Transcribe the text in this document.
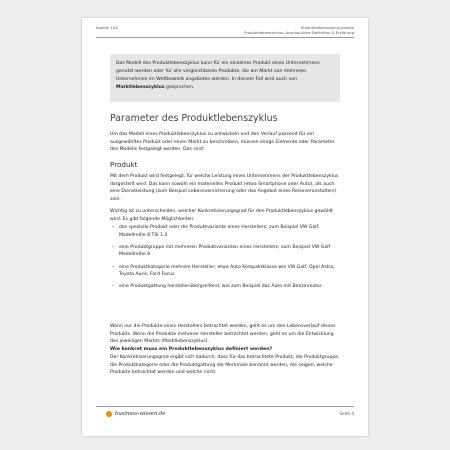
Kapitel 1&2	Produktlebenszyklus planen
Produktlebenszyklus: Anschauliche Definition & Erklärung
Das Modell des Produktlebenszyklus kann für ein einzelnes Produkt eines Unternehmens genutzt werden oder für alle vergleichbaren Produkte, die am Markt von mehreren Unternehmen im Wettbewerb angeboten werden. In diesem Fall wird auch von Marktlebenszyklus gesprochen.
Parameter des Produktlebenszyklus
Um das Modell eines Produktlebenszyklus zu entwickeln und den Verlauf passend für ein ausgewähltes Produkt oder einen Markt zu beschreiben, müssen einige Elemente oder Parameter des Modells festgelegt werden. Das sind:
Produkt
Mit dem Produkt wird festgelegt, für welche Leistung eines Unternehmens der Produktlebenszyklus dargestellt wird. Das kann sowohl ein materielles Produkt (etwa Smartphone oder Auto), als auch eine Dienstleistung (zum Beispiel Lebensversicherung oder das Angebot eines Reiseveranstalters) sein.
Wichtig ist zu unterscheiden, welcher Konkretisierungsgrad für den Produktlebenszyklus gewählt wird. Es gibt folgende Möglichkeiten:
– das spezielle Produkt oder die Produktvariante eines Herstellers; zum Beispiel VW Golf, Modellreihe 8 TSI 1.0
– eine Produktgruppe mit mehreren Produktvarianten eines Herstellers; zum Beispiel VW Golf Modellreihe 8
– eine Produktkategorie mehrere Hersteller; etwa Auto Kompaktklasse wie VW Golf, Opel Astra, Toyota Auris, Ford Focus
– eine Produktgattung herstellerübergreifend, wie zum Beispiel das Auto mit Benzinmotor
Wenn nur die Produkte eines Herstellers betrachtet werden, geht es um den Lebensverlauf dieses Produkts. Wenn die Produkte mehrerer Hersteller betrachtet werden, geht es um die Entwicklung des jeweiligen Markts (Marktlebenszyklus).
Wie konkret muss ein Produktlebenszyklus definiert werden?
Der Konkretisierungsgrad ergibt sich dadurch, dass für das betrachtete Produkt, die Produktgruppe, die Produktkategorie oder die Produktgattung die Merkmale benannt werden, die zeigen, welche Produkte betrachtet werden und welche nicht.
business-wissen.de	Seite 4
